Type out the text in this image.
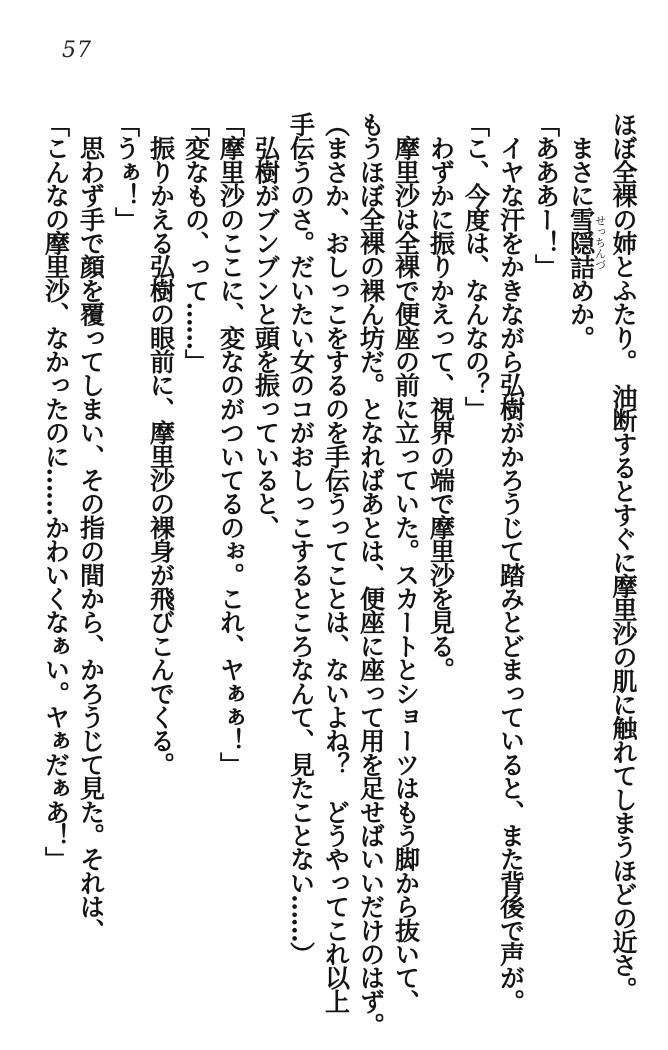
57
ほぼ全裸の姉とふたり。　油断するとすぐに摩里沙の肌に触れてしまうほどの近さ。
　まさに雪隠詰せっちんづめか。
「あああー！」
　イヤな汗をかきながら弘樹がかろうじて踏みとどまっていると、また背後で声が。
「こ、今度は、なんなの？」
　わずかに振りかえって、視界の端で摩里沙を見る。
　摩里沙は全裸で便座の前に立っていた。スカートとショーツはもう脚から抜いて、
もうほぼ全裸の裸ん坊だ。となればあとは、便座に座って用を足せばいいだけのはず。
（まさか、おしっこをするのを手伝うってことは、ないよね？　どうやってこれ以上
手伝うのさ。だいたい女のコがおしっこするところなんて、見たことない……）
　弘樹がブンブンと頭を振っていると、
「摩里沙のここに、変なのがついてるのぉ。これ、ヤぁぁ！」
「変なもの、って……」
　振りかえる弘樹の眼前に、摩里沙の裸身が飛びこんでくる。
「うぁ！」
　思わず手で顔を覆ってしまい、その指の間から、かろうじて見た。それは、
「こんなの摩里沙、なかったのに……かわいくなぁい。ヤぁだぁあ！」
